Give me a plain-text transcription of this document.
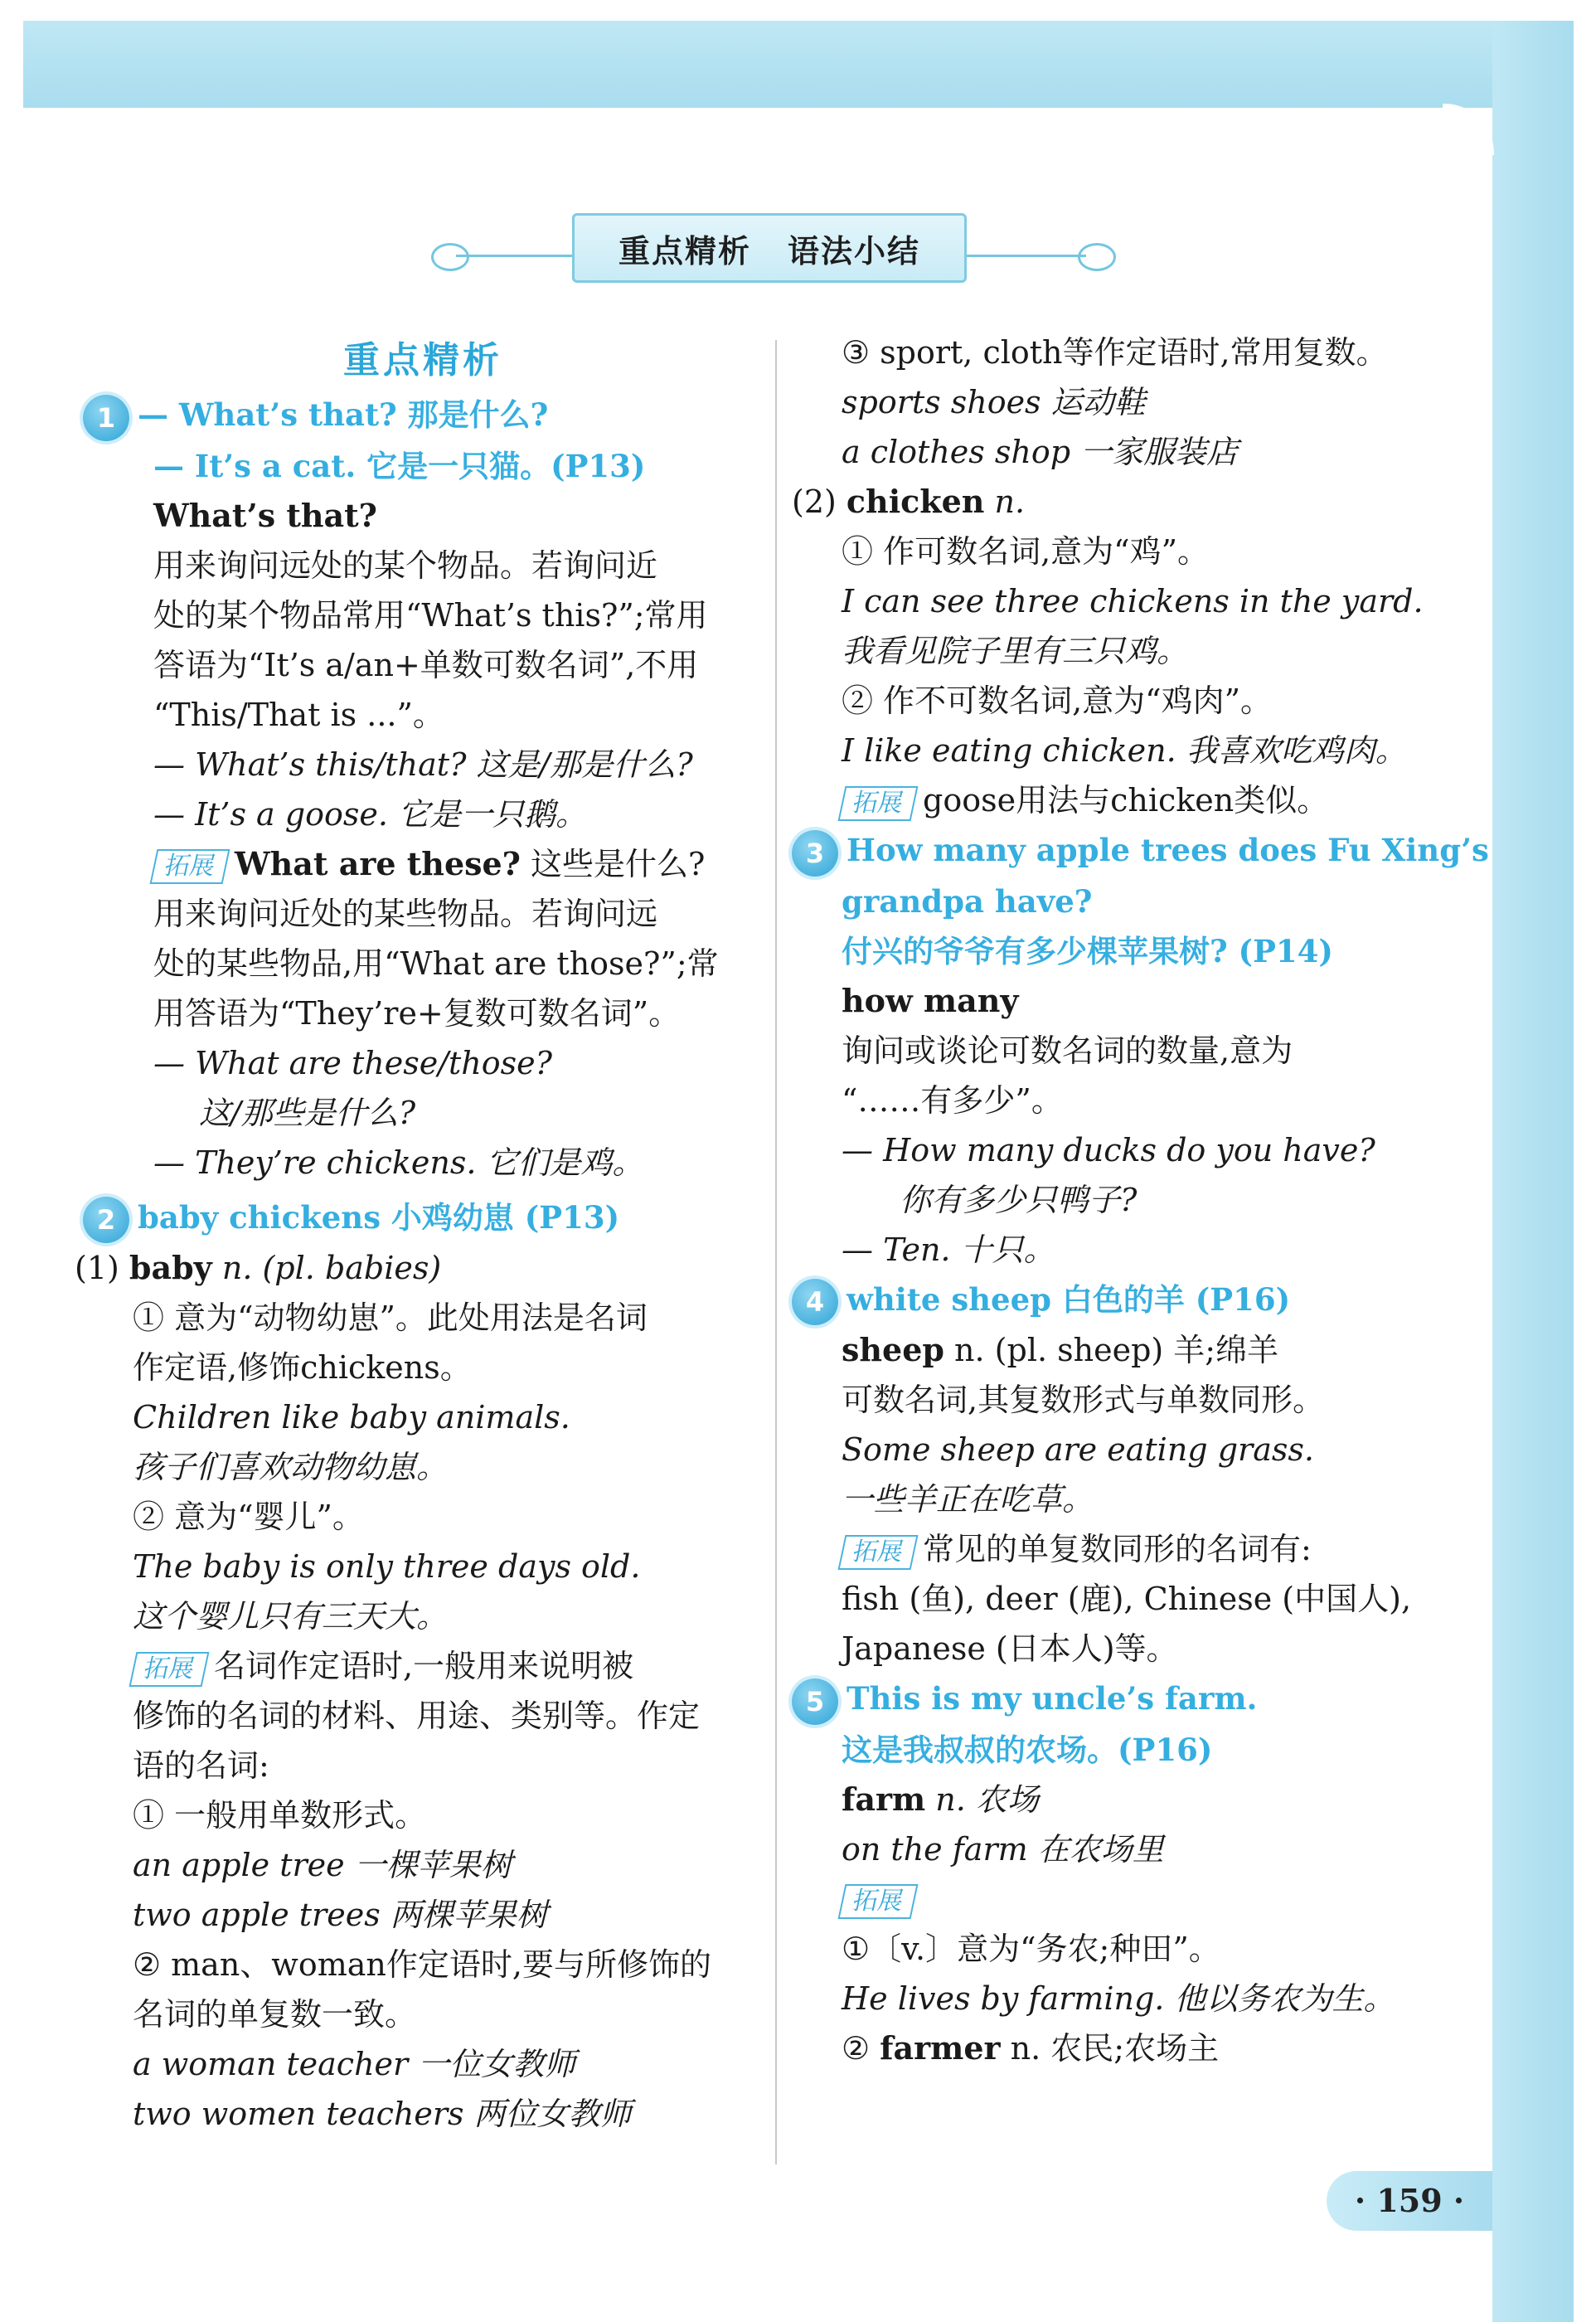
重点精析 语法小结
重点精析
1 — What’s that? 那是什么?
— It’s a cat. 它是一只猫。(P13)
What’s that?
用来询问远处的某个物品。若询问近
处的某个物品常用“What’s this?”;常用
答语为“It’s a/an+单数可数名词”,不用
“This/That is ...”。
— What’s this/that? 这是/那是什么?
— It’s a goose. 它是一只鹅。
拓展 What are these? 这些是什么?
用来询问近处的某些物品。若询问远
处的某些物品,用“What are those?”;常
用答语为“They’re+复数可数名词”。
— What are these/those?
这/那些是什么?
— They’re chickens. 它们是鸡。
2 baby chickens 小鸡幼崽 (P13)
(1) baby n. (pl. babies)
① 意为“动物幼崽”。此处用法是名词
作定语,修饰chickens。
Children like baby animals.
孩子们喜欢动物幼崽。
② 意为“婴儿”。
The baby is only three days old.
这个婴儿只有三天大。
拓展 名词作定语时,一般用来说明被
修饰的名词的材料、用途、类别等。作定
语的名词:
① 一般用单数形式。
an apple tree 一棵苹果树
two apple trees 两棵苹果树
② man、woman作定语时,要与所修饰的
名词的单复数一致。
a woman teacher 一位女教师
two women teachers 两位女教师
③ sport, cloth等作定语时,常用复数。
sports shoes 运动鞋
a clothes shop 一家服装店
(2) chicken n.
① 作可数名词,意为“鸡”。
I can see three chickens in the yard.
我看见院子里有三只鸡。
② 作不可数名词,意为“鸡肉”。
I like eating chicken. 我喜欢吃鸡肉。
拓展 goose用法与chicken类似。
3 How many apple trees does Fu Xing’s
grandpa have?
付兴的爷爷有多少棵苹果树? (P14)
how many
询问或谈论可数名词的数量,意为
“……有多少”。
— How many ducks do you have?
你有多少只鸭子?
— Ten. 十只。
4 white sheep 白色的羊 (P16)
sheep n. (pl. sheep) 羊;绵羊
可数名词,其复数形式与单数同形。
Some sheep are eating grass.
一些羊正在吃草。
拓展 常见的单复数同形的名词有:
fish (鱼), deer (鹿), Chinese (中国人),
Japanese (日本人)等。
5 This is my uncle’s farm.
这是我叔叔的农场。(P16)
farm n. 农场
on the farm 在农场里
拓展
①〔v.〕意为“务农;种田”。
He lives by farming. 他以务农为生。
② farmer n. 农民;农场主
· 159 ·
